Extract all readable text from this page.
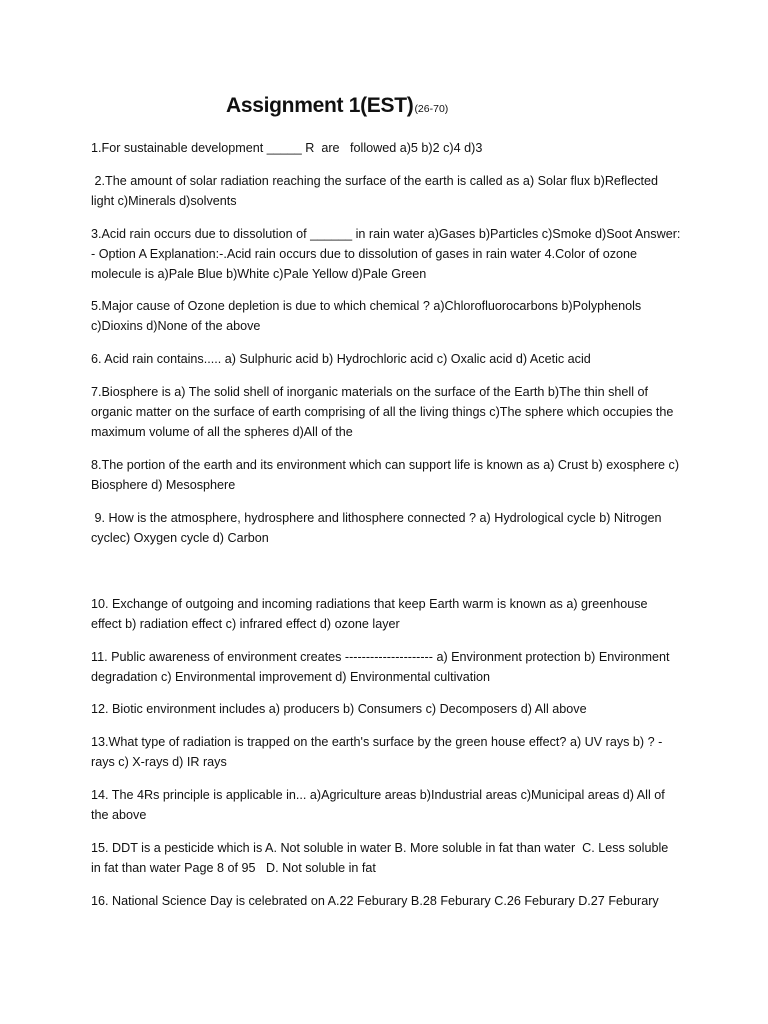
Assignment 1(EST)(26-70)

1.For sustainable development _____ R  are   followed a)5 b)2 c)4 d)3

2.The amount of solar radiation reaching the surface of the earth is called as a) Solar flux b)Reflected light c)Minerals d)solvents

3.Acid rain occurs due to dissolution of ______ in rain water a)Gases b)Particles c)Smoke d)Soot Answer: - Option A Explanation:-.Acid rain occurs due to dissolution of gases in rain water 4.Color of ozone molecule is a)Pale Blue b)White c)Pale Yellow d)Pale Green

5.Major cause of Ozone depletion is due to which chemical ? a)Chlorofluorocarbons b)Polyphenols c)Dioxins d)None of the above

6. Acid rain contains..... a) Sulphuric acid b) Hydrochloric acid c) Oxalic acid d) Acetic acid

7.Biosphere is a) The solid shell of inorganic materials on the surface of the Earth b)The thin shell of organic matter on the surface of earth comprising of all the living things c)The sphere which occupies the maximum volume of all the spheres d)All of the

8.The portion of the earth and its environment which can support life is known as a) Crust b) exosphere c) Biosphere d) Mesosphere

9. How is the atmosphere, hydrosphere and lithosphere connected ? a) Hydrological cycle b) Nitrogen cyclec) Oxygen cycle d) Carbon

10. Exchange of outgoing and incoming radiations that keep Earth warm is known as a) greenhouse effect b) radiation effect c) infrared effect d) ozone layer

11. Public awareness of environment creates --------------------- a) Environment protection b) Environment degradation c) Environmental improvement d) Environmental cultivation

12. Biotic environment includes a) producers b) Consumers c) Decomposers d) All above

13.What type of radiation is trapped on the earth's surface by the green house effect? a) UV rays b) ? -rays c) X-rays d) IR rays

14. The 4Rs principle is applicable in... a)Agriculture areas b)Industrial areas c)Municipal areas d) All of the above

15. DDT is a pesticide which is A. Not soluble in water B. More soluble in fat than water  C. Less soluble in fat than water Page 8 of 95   D. Not soluble in fat

16. National Science Day is celebrated on A.22 Feburary B.28 Feburary C.26 Feburary D.27 Feburary
